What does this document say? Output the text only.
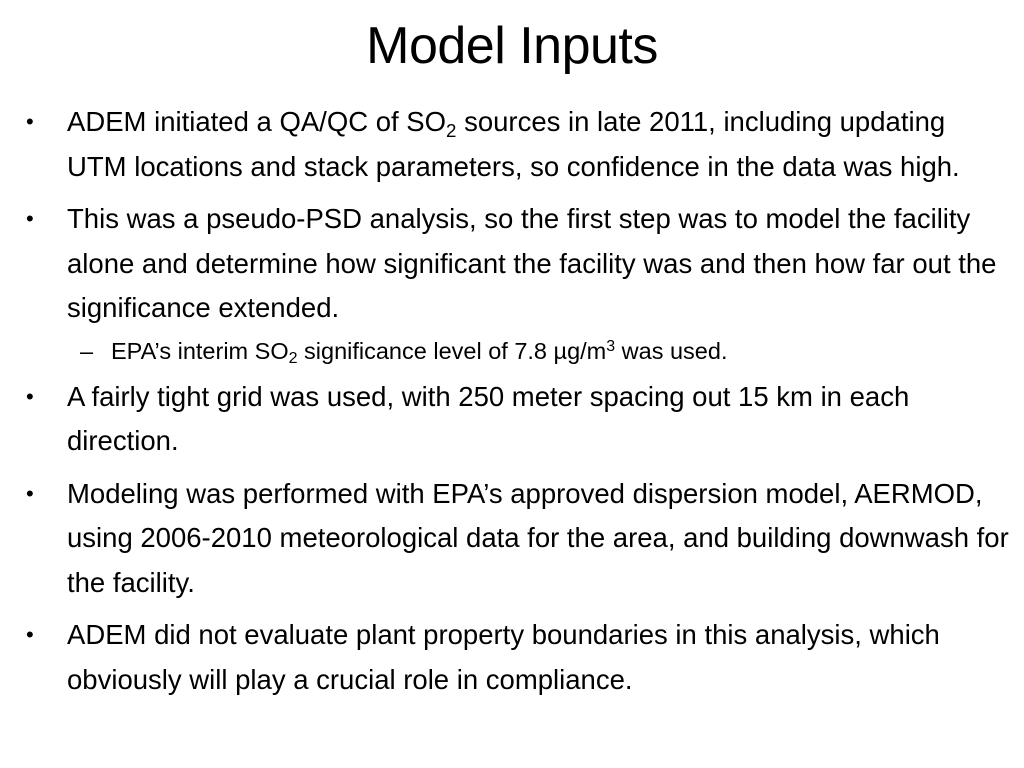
Model Inputs
• ADEM initiated a QA/QC of $SO_2$ sources in late 2011, including updating UTM locations and stack parameters, so confidence in the data was high.
• This was a pseudo-PSD analysis, so the first step was to model the facility alone and determine how significant the facility was and then how far out the significance extended.
– EPA’s interim $SO_2$ significance level of 7.8 $\mu g/m^3$ was used.
• A fairly tight grid was used, with 250 meter spacing out 15 km in each direction.
• Modeling was performed with EPA’s approved dispersion model, AERMOD, using 2006-2010 meteorological data for the area, and building downwash for the facility.
• ADEM did not evaluate plant property boundaries in this analysis, which obviously will play a crucial role in compliance.
